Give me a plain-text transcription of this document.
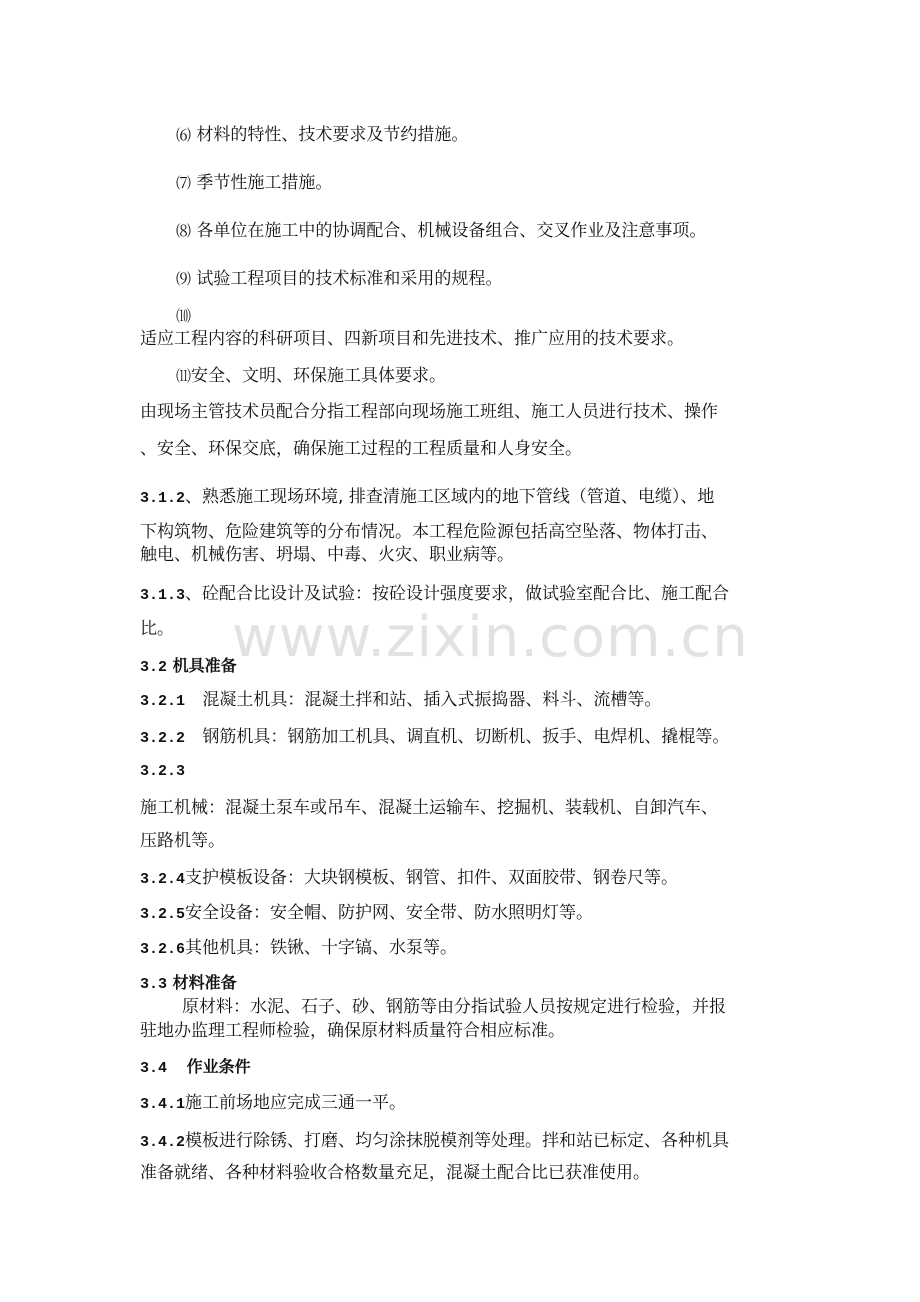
⑹ 材料的特性、技术要求及节约措施。
⑺ 季节性施工措施。
⑻ 各单位在施工中的协调配合、机械设备组合、交叉作业及注意事项。
⑼ 试验工程项目的技术标准和采用的规程。
⑽
适应工程内容的科研项目、四新项目和先进技术、推广应用的技术要求。
⑾安全、文明、环保施工具体要求。
由现场主管技术员配合分指工程部向现场施工班组、施工人员进行技术、操作
、安全、环保交底，确保施工过程的工程质量和人身安全。
3.1.2、熟悉施工现场环境, 排查清施工区域内的地下管线（管道、电缆）、地
下构筑物、危险建筑等的分布情况。本工程危险源包括高空坠落、物体打击、
触电、机械伤害、坍塌、中毒、火灾、职业病等。
3.1.3、砼配合比设计及试验：按砼设计强度要求，做试验室配合比、施工配合
比。
3.2 机具准备
3.2.1 混凝土机具：混凝土拌和站、插入式振捣器、料斗、流槽等。
3.2.2 钢筋机具：钢筋加工机具、调直机、切断机、扳手、电焊机、撬棍等。
3.2.3
施工机械：混凝土泵车或吊车、混凝土运输车、挖掘机、装载机、自卸汽车、
压路机等。
3.2.4支护模板设备：大块钢模板、钢管、扣件、双面胶带、钢卷尺等。
3.2.5安全设备：安全帽、防护网、安全带、防水照明灯等。
3.2.6其他机具：铁锹、十字镐、水泵等。
3.3 材料准备
原材料：水泥、石子、砂、钢筋等由分指试验人员按规定进行检验，并报
驻地办监理工程师检验，确保原材料质量符合相应标准。
3.4 作业条件
3.4.1施工前场地应完成三通一平。
3.4.2模板进行除锈、打磨、均匀涂抹脱模剂等处理。拌和站已标定、各种机具
准备就绪、各种材料验收合格数量充足，混凝土配合比已获准使用。
www.zixin.com.cn
